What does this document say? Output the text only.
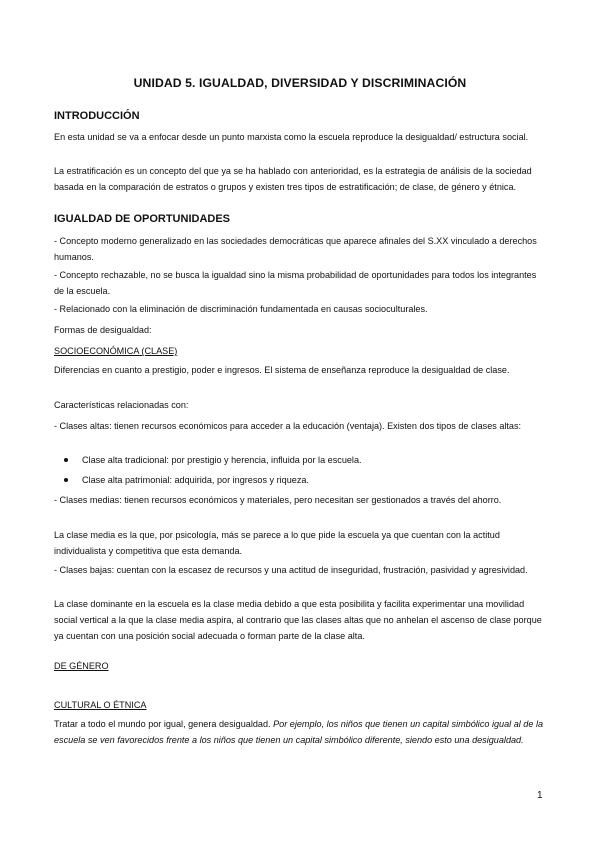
UNIDAD 5. IGUALDAD, DIVERSIDAD Y DISCRIMINACIÓN
INTRODUCCIÓN
En esta unidad se va a enfocar desde un punto marxista como la escuela reproduce la desigualdad/ estructura social.
La estratificación es un concepto del que ya se ha hablado con anterioridad, es la estrategia de análisis de la sociedad basada en la comparación de estratos o grupos y existen tres tipos de estratificación; de clase, de género y étnica.
IGUALDAD DE OPORTUNIDADES
- Concepto moderno generalizado en las sociedades democráticas que aparece afinales del S.XX vinculado a derechos humanos.
- Concepto rechazable, no se busca la igualdad sino la misma probabilidad de oportunidades para todos los integrantes de la escuela.
- Relacionado con la eliminación de discriminación fundamentada en causas socioculturales.
Formas de desigualdad:
SOCIOECONÓMICA (CLASE)
Diferencias en cuanto a prestigio, poder e ingresos. El sistema de enseñanza reproduce la desigualdad de clase.
Características relacionadas con:
- Clases altas: tienen recursos económicos para acceder a la educación (ventaja). Existen dos tipos de clases altas:
Clase alta tradicional: por prestigio y herencia, influida por la escuela.
Clase alta patrimonial: adquirida, por ingresos y riqueza.
- Clases medias: tienen recursos económicos y materiales, pero necesitan ser gestionados a través del ahorro.
La clase media es la que, por psicología, más se parece a lo que pide la escuela ya que cuentan con la actitud individualista y competitiva que esta demanda.
- Clases bajas: cuentan con la escasez de recursos y una actitud de inseguridad, frustración, pasividad y agresividad.
La clase dominante en la escuela es la clase media debido a que esta posibilita y facilita experimentar una movilidad social vertical a la que la clase media aspira, al contrario que las clases altas que no anhelan el ascenso de clase porque ya cuentan con una posición social adecuada o forman parte de la clase alta.
DE GÉNERO
CULTURAL O ÉTNICA
Tratar a todo el mundo por igual, genera desigualdad. Por ejemplo, los niños que tienen un capital simbólico igual al de la escuela se ven favorecidos frente a los niños que tienen un capital simbólico diferente, siendo esto una desigualdad.
1
